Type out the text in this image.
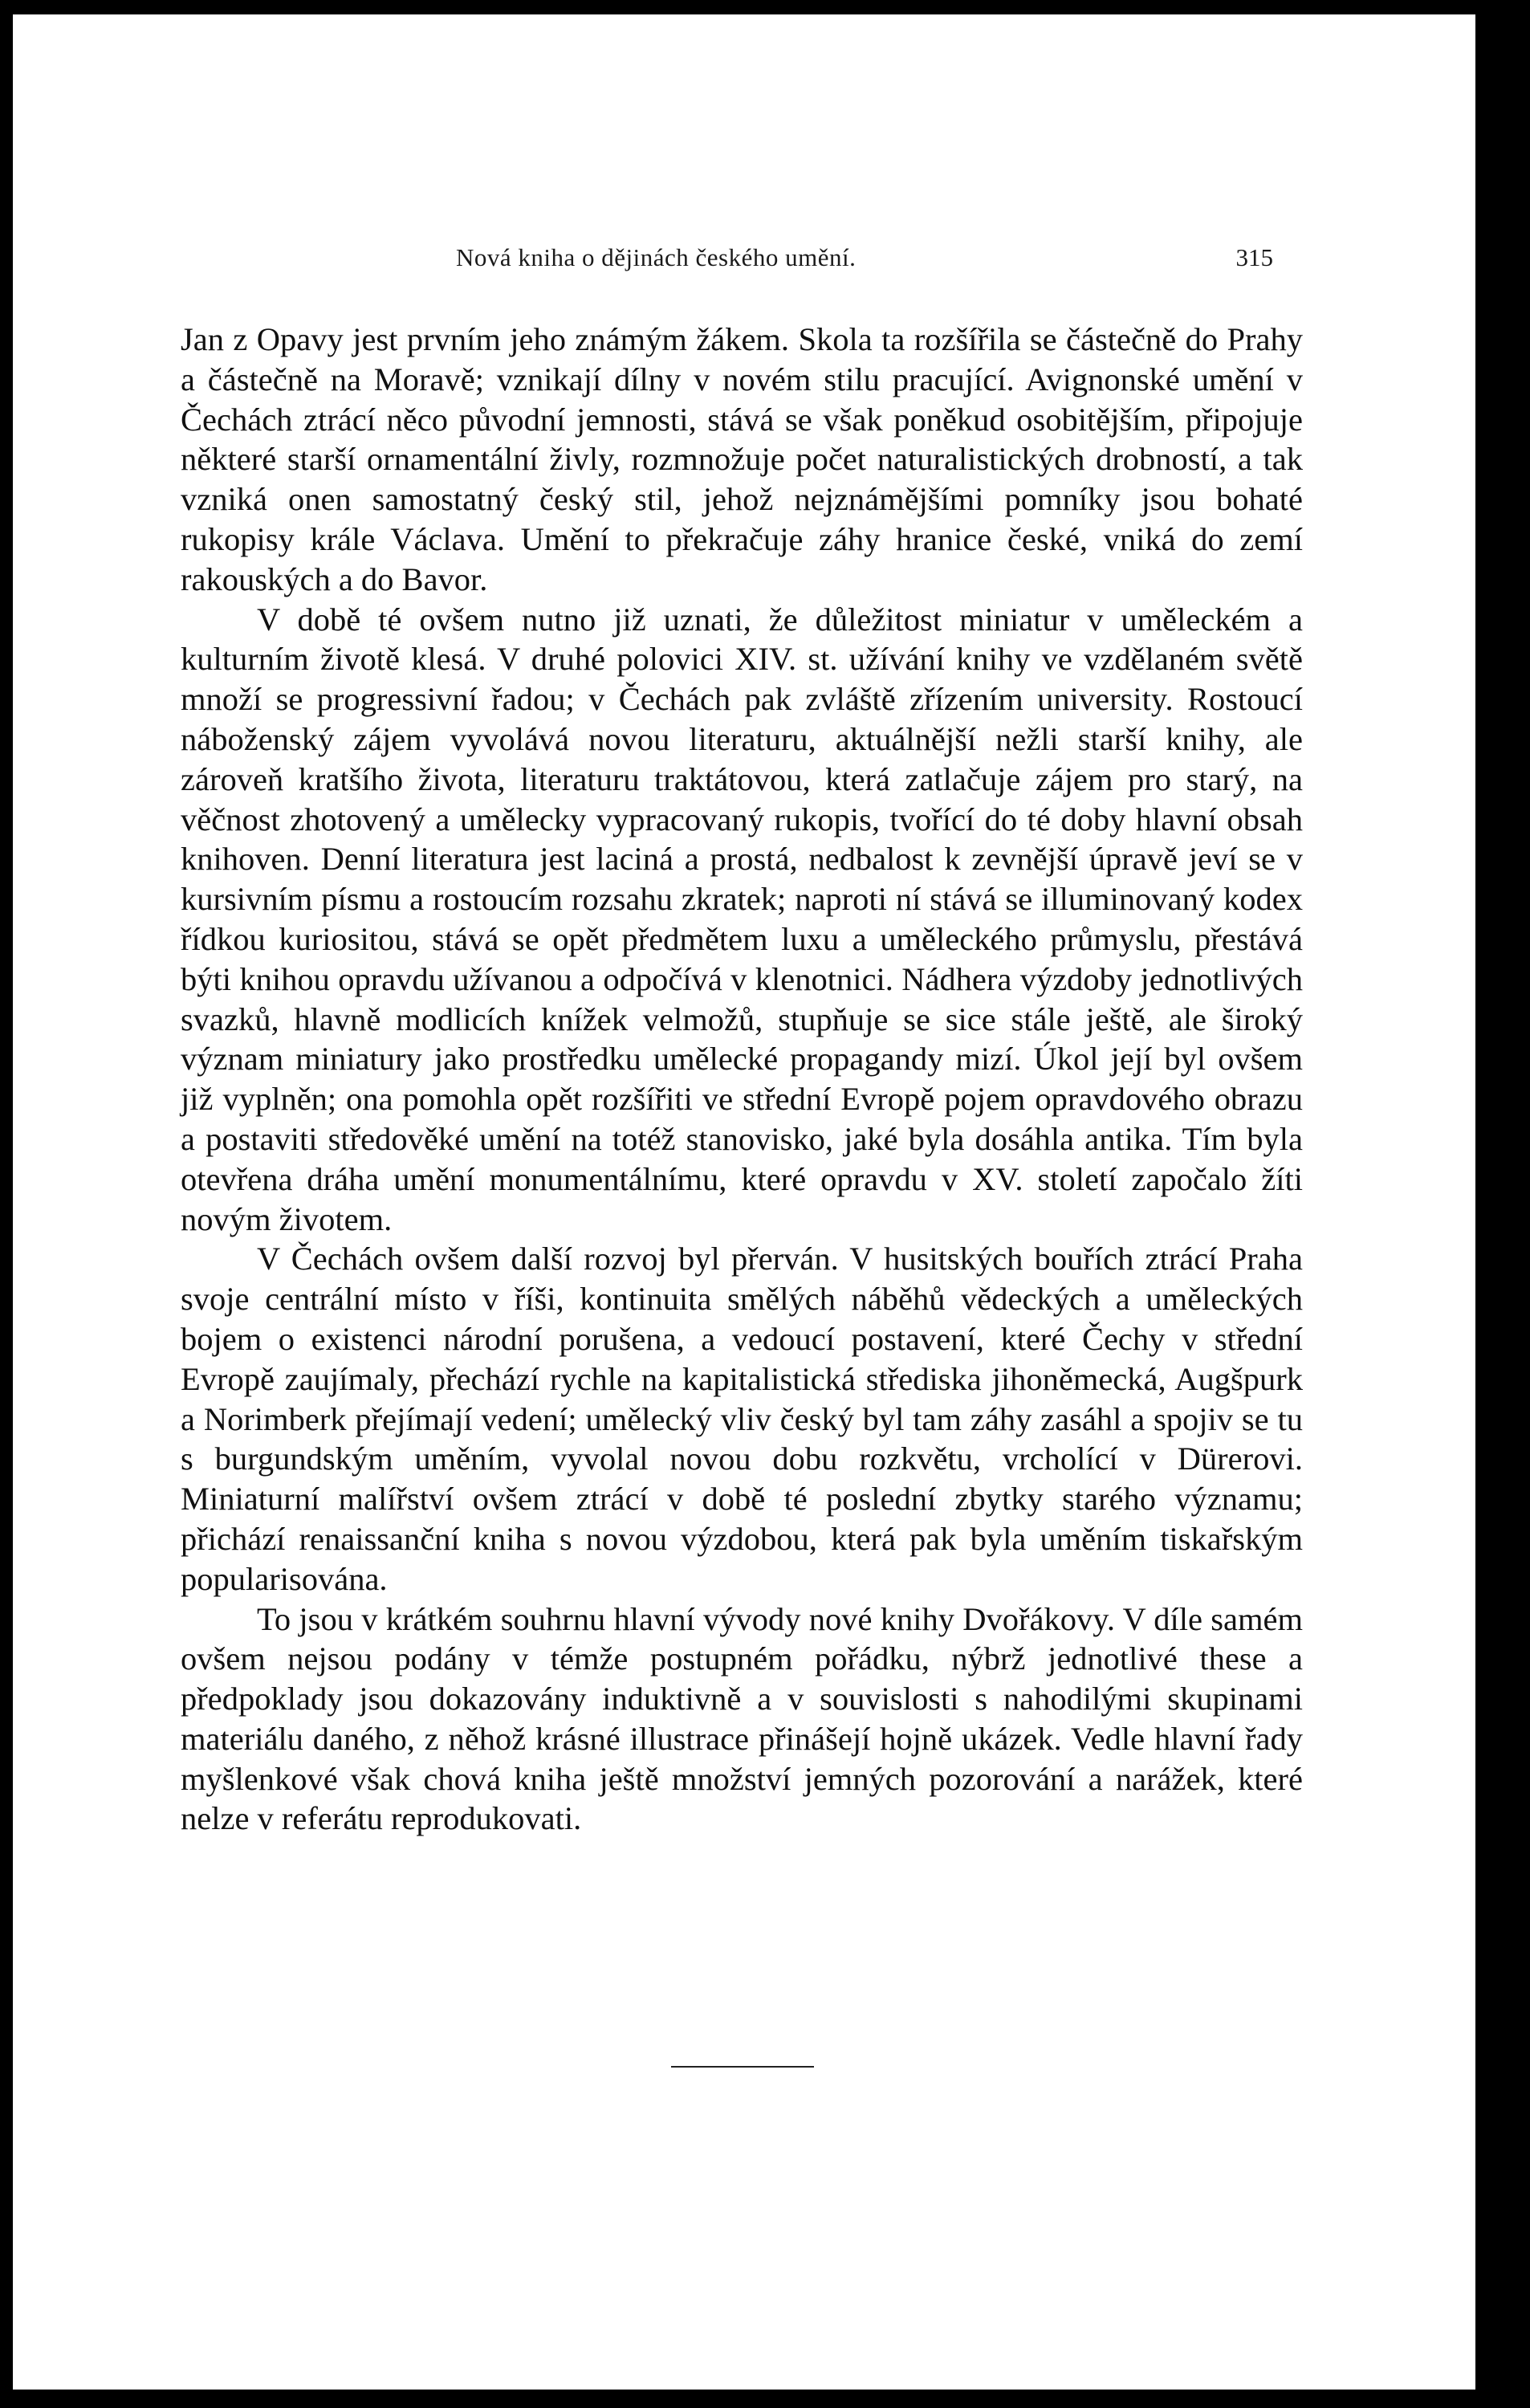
Nová kniha o dějinách českého umění.	315

Jan z Opavy jest prvním jeho známým žákem. Skola ta rozšířila se částečně do Prahy a částečně na Moravě; vznikají dílny v novém stilu pracující. Avignonské umění v Čechách ztrácí něco původní jemnosti, stává se však poněkud osobitějším, připojuje některé starší ornamentální živly, rozmnožuje počet naturalistických drobností, a tak vzniká onen samostatný český stil, jehož nejznámějšími pomníky jsou bohaté rukopisy krále Václava. Umění to překračuje záhy hranice české, vniká do zemí rakouských a do Bavor.

V době té ovšem nutno již uznati, že důležitost miniatur v uměleckém a kulturním životě klesá. V druhé polovici XIV. st. užívání knihy ve vzdělaném světě množí se progressivní řadou; v Čechách pak zvláště zřízením university. Rostoucí náboženský zájem vyvolává novou literaturu, aktuálnější nežli starší knihy, ale zároveň kratšího života, literaturu traktátovou, která zatlačuje zájem pro starý, na věčnost zhotovený a umělecky vypracovaný rukopis, tvořící do té doby hlavní obsah knihoven. Denní literatura jest laciná a prostá, nedbalost k zevnější úpravě jeví se v kursivním písmu a rostoucím rozsahu zkratek; naproti ní stává se illuminovaný kodex řídkou kuriositou, stává se opět předmětem luxu a uměleckého průmyslu, přestává býti knihou opravdu užívanou a odpočívá v klenotnici. Nádhera výzdoby jednotlivých svazků, hlavně modlicích knížek velmožů, stupňuje se sice stále ještě, ale široký význam miniatury jako prostředku umělecké propagandy mizí. Úkol její byl ovšem již vyplněn; ona pomohla opět rozšířiti ve střední Evropě pojem opravdového obrazu a postaviti středověké umění na totéž stanovisko, jaké byla dosáhla antika. Tím byla otevřena dráha umění monumentálnímu, které opravdu v XV. století započalo žíti novým životem.

V Čechách ovšem další rozvoj byl přerván. V husitských bouřích ztrácí Praha svoje centrální místo v říši, kontinuita smělých náběhů vědeckých a uměleckých bojem o existenci národní porušena, a vedoucí postavení, které Čechy v střední Evropě zaujímaly, přechází rychle na kapitalistická střediska jihoněmecká, Augšpurk a Norimberk přejímají vedení; umělecký vliv český byl tam záhy zasáhl a spojiv se tu s burgundským uměním, vyvolal novou dobu rozkvětu, vrcholící v Dürerovi. Miniaturní malířství ovšem ztrácí v době té poslední zbytky starého významu; přichází renaissanční kniha s novou výzdobou, která pak byla uměním tiskařským popularisována.

To jsou v krátkém souhrnu hlavní vývody nové knihy Dvořákovy. V díle samém ovšem nejsou podány v témže postupném pořádku, nýbrž jednotlivé these a předpoklady jsou dokazovány induktivně a v souvislosti s nahodilými skupinami materiálu daného, z něhož krásné illustrace přinášejí hojně ukázek. Vedle hlavní řady myšlenkové však chová kniha ještě množství jemných pozorování a narážek, které nelze v referátu reprodukovati.
